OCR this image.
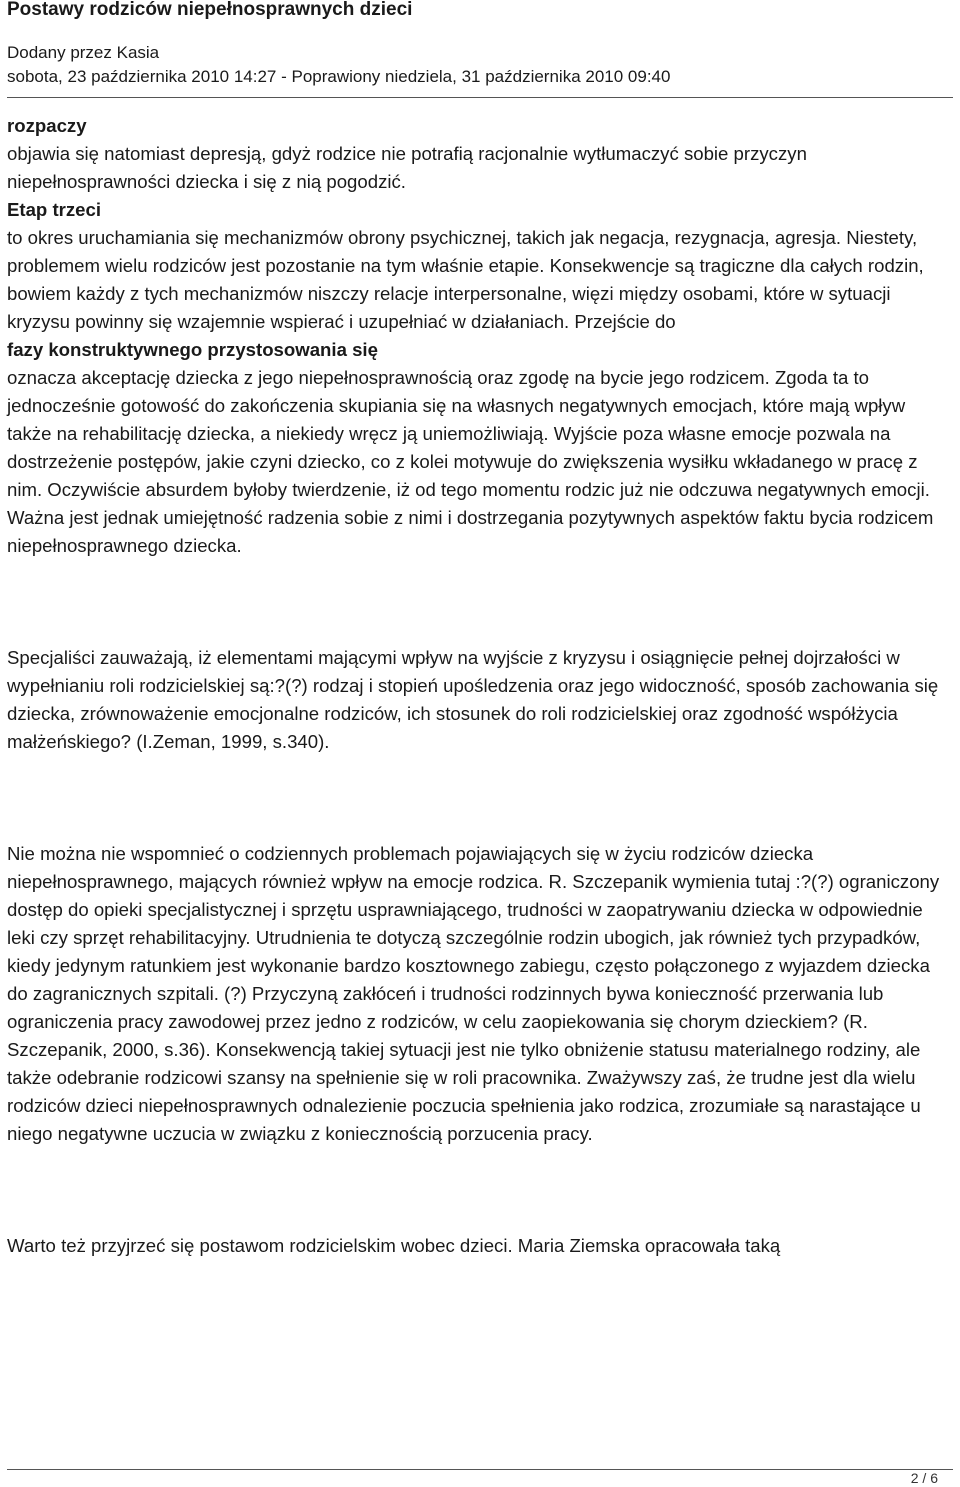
Postawy rodziców niepełnosprawnych dzieci
Dodany przez Kasia
sobota, 23 października 2010 14:27 - Poprawiony niedziela, 31 października 2010 09:40

rozpaczy
objawia się natomiast depresją, gdyż rodzice nie potrafią racjonalnie wytłumaczyć sobie przyczyn niepełnosprawności dziecka i się z nią pogodzić.

Etap trzeci
to okres uruchamiania się mechanizmów obrony psychicznej, takich jak negacja, rezygnacja, agresja. Niestety, problemem wielu rodziców jest pozostanie na tym właśnie etapie. Konsekwencje są tragiczne dla całych rodzin, bowiem każdy z tych mechanizmów niszczy relacje interpersonalne, więzi między osobami, które w sytuacji kryzysu powinny się wzajemnie wspierać i uzupełniać w działaniach. Przejście do

fazy konstruktywnego przystosowania się
oznacza akceptację dziecka z jego niepełnosprawnością oraz zgodę na bycie jego rodzicem. Zgoda ta to jednocześnie gotowość do zakończenia skupiania się na własnych negatywnych emocjach, które mają wpływ także na rehabilitację dziecka, a niekiedy wręcz ją uniemożliwiają. Wyjście poza własne emocje pozwala na dostrzeżenie postępów, jakie czyni dziecko, co z kolei motywuje do zwiększenia wysiłku wkładanego w pracę z nim. Oczywiście absurdem byłoby twierdzenie, iż od tego momentu rodzic już nie odczuwa negatywnych emocji. Ważna jest jednak umiejętność radzenia sobie z nimi i dostrzegania pozytywnych aspektów faktu bycia rodzicem niepełnosprawnego dziecka.

Specjaliści zauważają, iż elementami mającymi wpływ na wyjście z kryzysu i osiągnięcie pełnej dojrzałości w wypełnianiu roli rodzicielskiej są:?(?) rodzaj i stopień upośledzenia oraz jego widoczność, sposób zachowania się dziecka, zrównoważenie emocjonalne rodziców, ich stosunek do roli rodzicielskiej oraz zgodność współżycia małżeńskiego? (I.Zeman, 1999, s.340).

Nie można nie wspomnieć o codziennych problemach pojawiających się w życiu rodziców dziecka niepełnosprawnego, mających również wpływ na emocje rodzica. R. Szczepanik wymienia tutaj :?(?) ograniczony dostęp do opieki specjalistycznej i sprzętu usprawniającego, trudności w zaopatrywaniu dziecka w odpowiednie leki czy sprzęt rehabilitacyjny. Utrudnienia te dotyczą szczególnie rodzin ubogich, jak również tych przypadków, kiedy jedynym ratunkiem jest wykonanie bardzo kosztownego zabiegu, często połączonego z wyjazdem dziecka do zagranicznych szpitali. (?) Przyczyną zakłóceń i trudności rodzinnych bywa konieczność przerwania lub ograniczenia pracy zawodowej przez jedno z rodziców, w celu zaopiekowania się chorym dzieckiem? (R. Szczepanik, 2000, s.36). Konsekwencją takiej sytuacji jest nie tylko obniżenie statusu materialnego rodziny, ale także odebranie rodzicowi szansy na spełnienie się w roli pracownika. Zważywszy zaś, że trudne jest dla wielu rodziców dzieci niepełnosprawnych odnalezienie poczucia spełnienia jako rodzica, zrozumiałe są narastające u niego negatywne uczucia w związku z koniecznością porzucenia pracy.

Warto też przyjrzeć się postawom rodzicielskim wobec dzieci. Maria Ziemska opracowała taką

2 / 6
